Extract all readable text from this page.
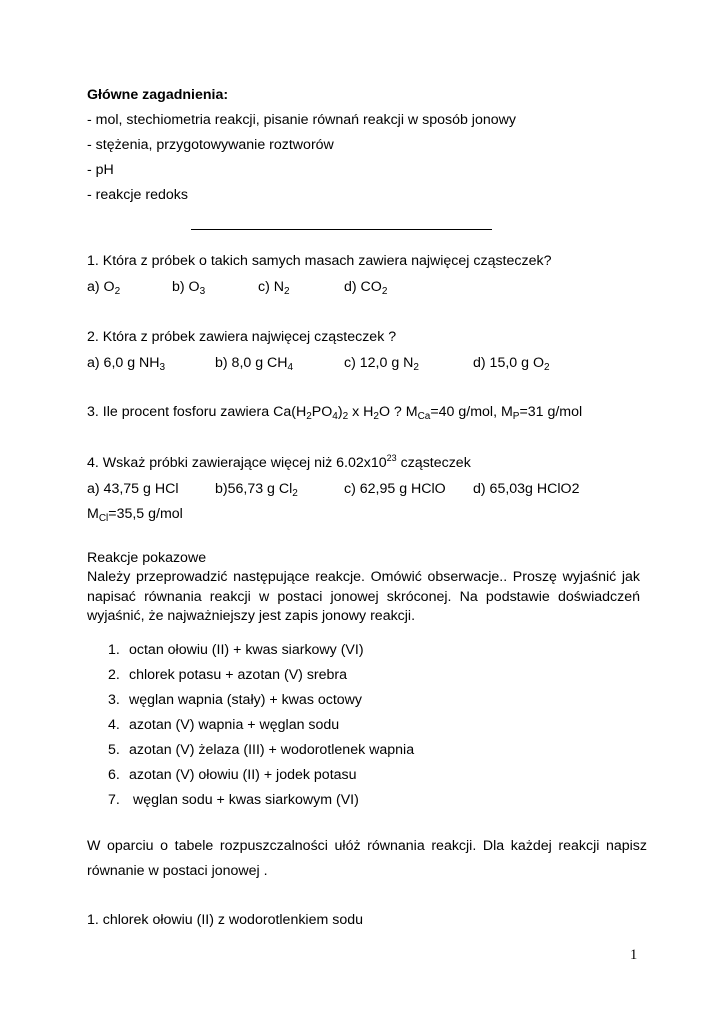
Główne zagadnienia:
- mol, stechiometria reakcji, pisanie równań reakcji w sposób jonowy
- stężenia, przygotowywanie roztworów
- pH
- reakcje redoks
1. Która z próbek o takich samych masach zawiera najwięcej cząsteczek?
a) $O_2$	b) $O_3$	c) $N_2$	d) $CO_2$
2. Która z próbek zawiera najwięcej cząsteczek ?
a) 6,0 g $NH_3$	b) 8,0 g $CH_4$	c) 12,0 g $N_2$	d) 15,0 g $O_2$
3. Ile procent fosforu zawiera $Ca(H_2PO_4)_2$ x $H_2O$ ? $M_{Ca}=40$ g/mol, $M_P=31$ g/mol
4. Wskaż próbki zawierające więcej niż $6.02x10^{23}$ cząsteczek
a) 43,75 g HCl	b)56,73 g $Cl_2$	c) 62,95 g HClO d) 65,03g HClO2
$M_{Cl}=35,5$ g/mol
Reakcje pokazowe
Należy przeprowadzić następujące reakcje. Omówić obserwacje.. Proszę wyjaśnić jak napisać równania reakcji w postaci jonowej skróconej. Na podstawie doświadczeń wyjaśnić, że najważniejszy jest zapis jonowy reakcji.
1. octan ołowiu (II) + kwas siarkowy (VI)
2. chlorek potasu + azotan (V) srebra
3. węglan wapnia (stały) + kwas octowy
4. azotan (V) wapnia + węglan sodu
5. azotan (V) żelaza (III) + wodorotlenek wapnia
6. azotan (V) ołowiu (II) + jodek potasu
7. węglan sodu + kwas siarkowym (VI)
W oparciu o tabele rozpuszczalności ułóż równania reakcji. Dla każdej reakcji napisz równanie w postaci jonowej .
1. chlorek ołowiu (II) z wodorotlenkiem sodu
1
